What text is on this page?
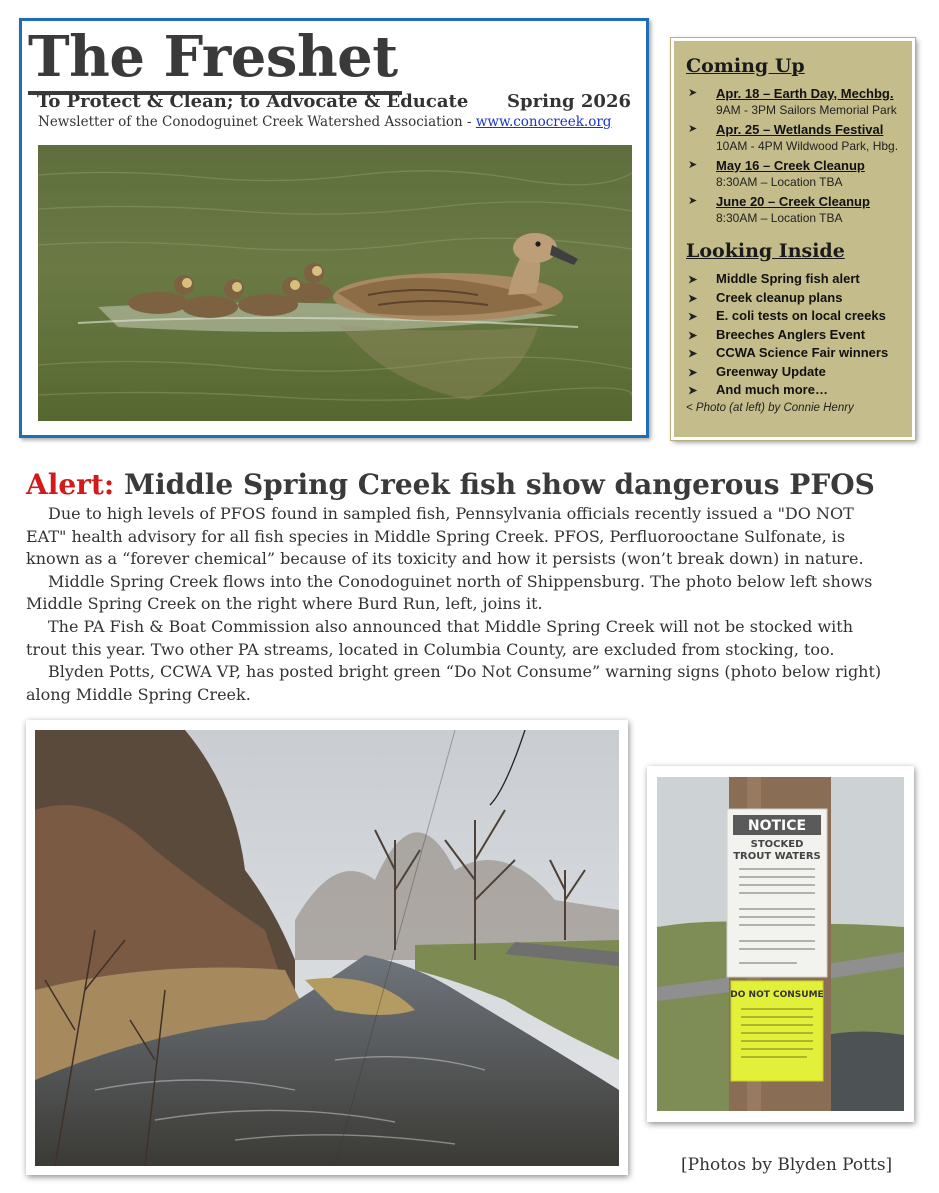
The Freshet
To Protect & Clean; to Advocate & Educate Spring 2026
Newsletter of the Conodoguinet Creek Watershed Association - www.conocreek.org
Coming Up
➤ Apr. 18 – Earth Day, Mechbg.
9AM - 3PM Sailors Memorial Park
➤ Apr. 25 – Wetlands Festival
10AM - 4PM Wildwood Park, Hbg.
➤ May 16 – Creek Cleanup
8:30AM – Location TBA
➤ June 20 – Creek Cleanup
8:30AM – Location TBA
Looking Inside
➤ Middle Spring fish alert
➤ Creek cleanup plans
➤ E. coli tests on local creeks
➤ Breeches Anglers Event
➤ CCWA Science Fair winners
➤ Greenway Update
➤ And much more…
< Photo (at left) by Connie Henry
Alert: Middle Spring Creek fish show dangerous PFOS

Due to high levels of PFOS found in sampled fish, Pennsylvania officials recently issued a "DO NOT EAT" health advisory for all fish species in Middle Spring Creek. PFOS, Perfluorooctane Sulfonate, is known as a “forever chemical” because of its toxicity and how it persists (won’t break down) in nature.

Middle Spring Creek flows into the Conodoguinet north of Shippensburg. The photo below left shows Middle Spring Creek on the right where Burd Run, left, joins it.

The PA Fish & Boat Commission also announced that Middle Spring Creek will not be stocked with trout this year. Two other PA streams, located in Columbia County, are excluded from stocking, too.

Blyden Potts, CCWA VP, has posted bright green “Do Not Consume” warning signs (photo below right) along Middle Spring Creek.

NOTICE
STOCKED
TROUT WATERS
DO NOT CONSUME
[Photos by Blyden Potts]
